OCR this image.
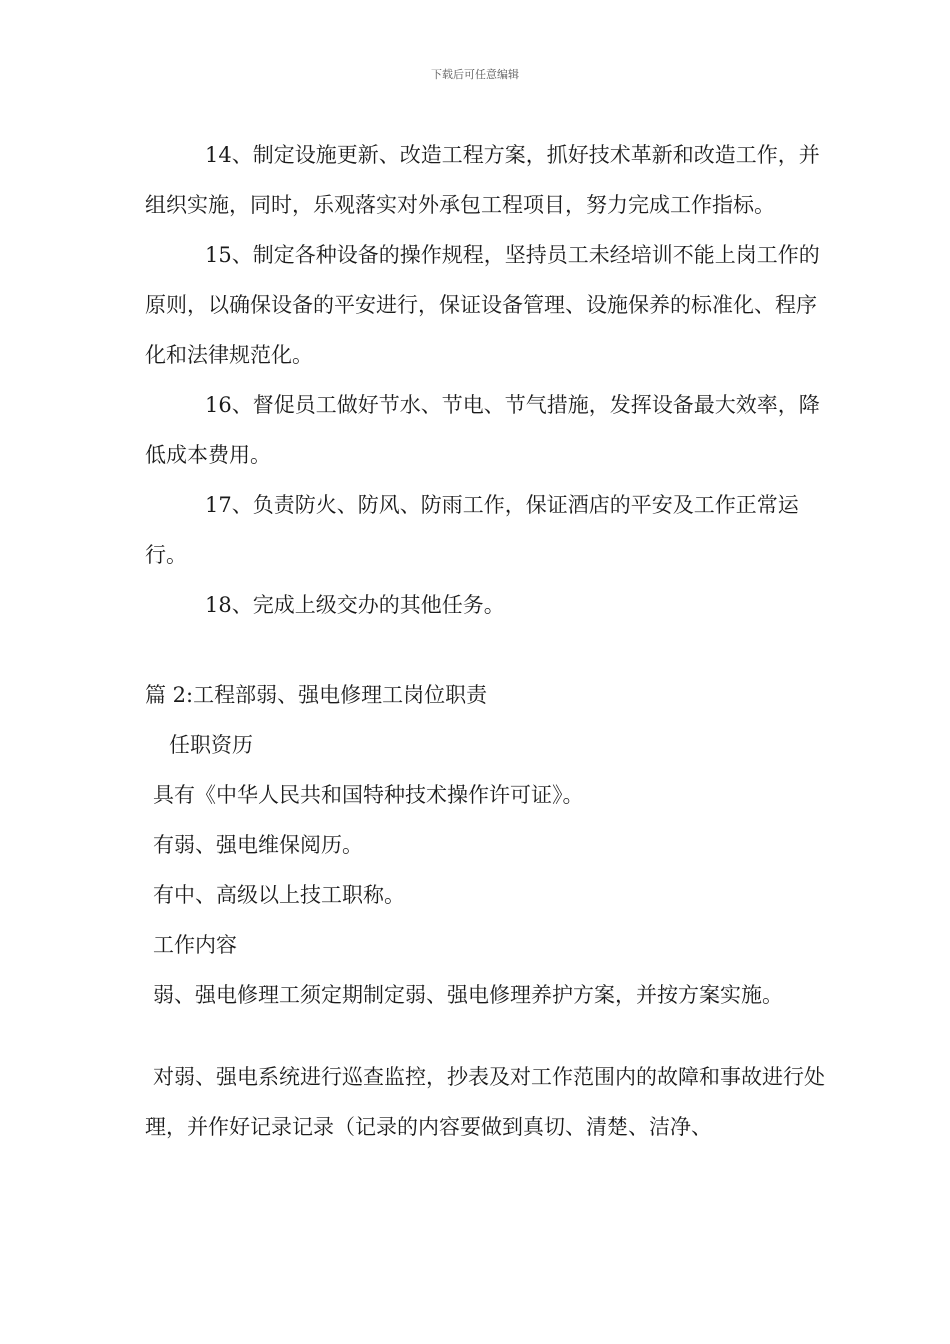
下载后可任意编辑

14、制定设施更新、改造工程方案，抓好技术革新和改造工作，并组织实施，同时，乐观落实对外承包工程项目，努力完成工作指标。

15、制定各种设备的操作规程，坚持员工未经培训不能上岗工作的原则，以确保设备的平安进行，保证设备管理、设施保养的标准化、程序化和法律规范化。

16、督促员工做好节水、节电、节气措施，发挥设备最大效率，降低成本费用。

17、负责防火、防风、防雨工作，保证酒店的平安及工作正常运行。

18、完成上级交办的其他任务。

篇 2:工程部弱、强电修理工岗位职责

任职资历

具有《中华人民共和国特种技术操作许可证》。

有弱、强电维保阅历。

有中、高级以上技工职称。

工作内容

弱、强电修理工须定期制定弱、强电修理养护方案，并按方案实施。

对弱、强电系统进行巡查监控，抄表及对工作范围内的故障和事故进行处理，并作好记录记录（记录的内容要做到真切、清楚、洁净、
